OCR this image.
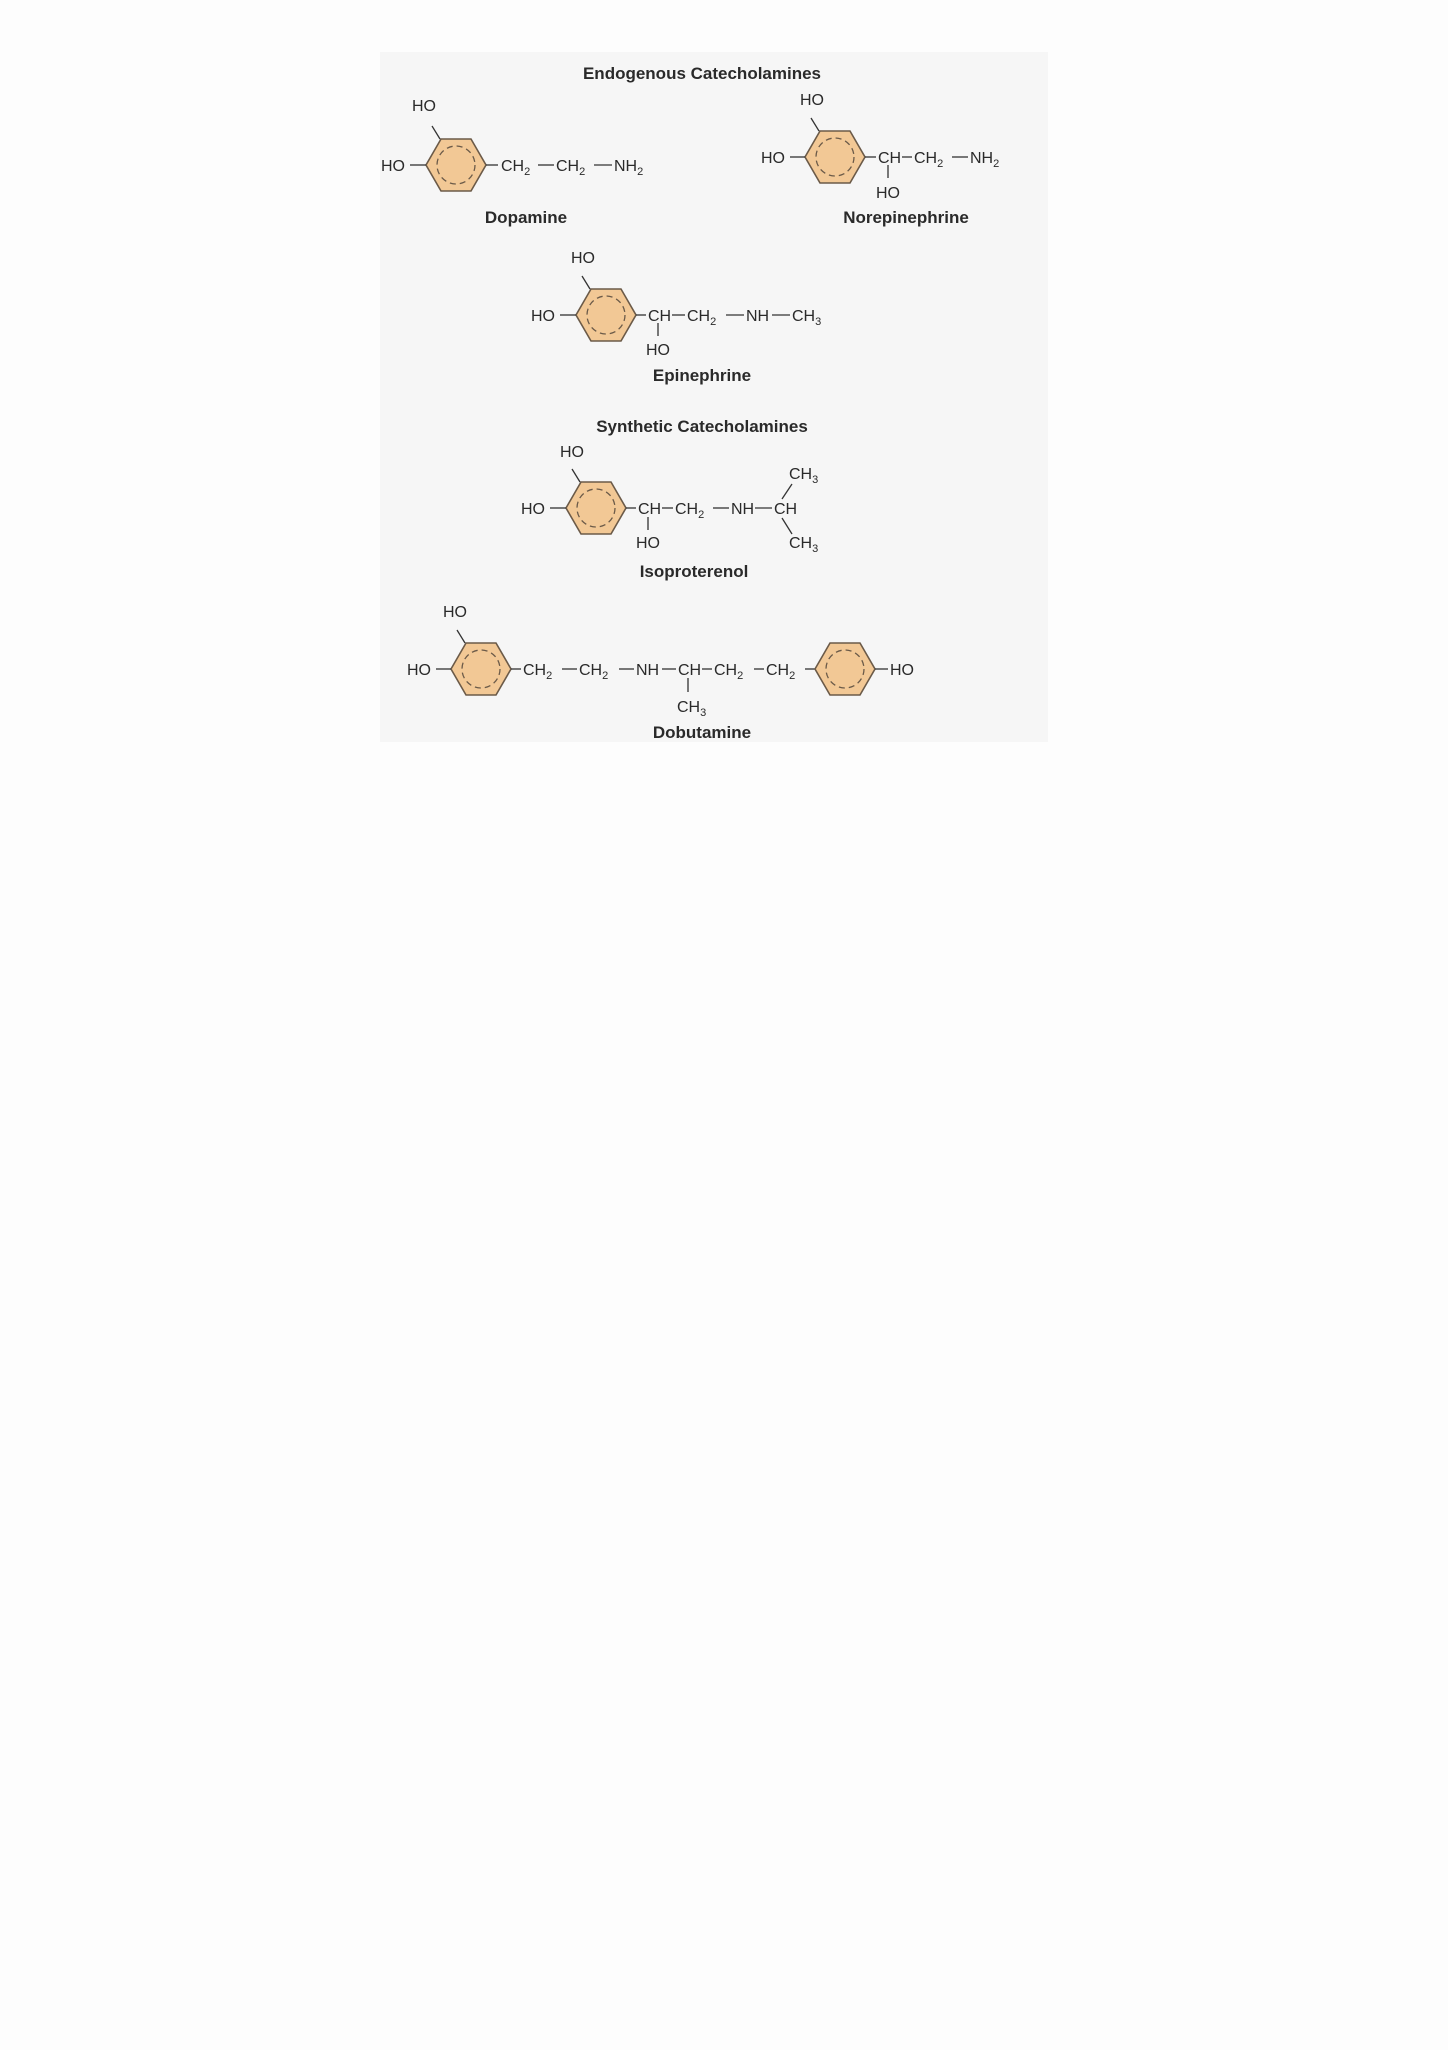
Endogenous Catecholamines
Synthetic Catecholamines
HO
HO	$CH_2$ $CH_2$ $NH_2$
Dopamine
HO
HO	CH
HO
$CH_2$ $NH_2$
Norepinephrine
HO
HO	CH
HO
$CH_2$ NH $CH_3$
Epinephrine
HO
HO	CH
HO
$CH_2$ NH CH
$CH_3$
$CH_3$
Isoproterenol
HO
HO	$CH_2$ $CH_2$ NH CH
$CH_3$
$CH_2$ $CH_2$	HO
Dobutamine
